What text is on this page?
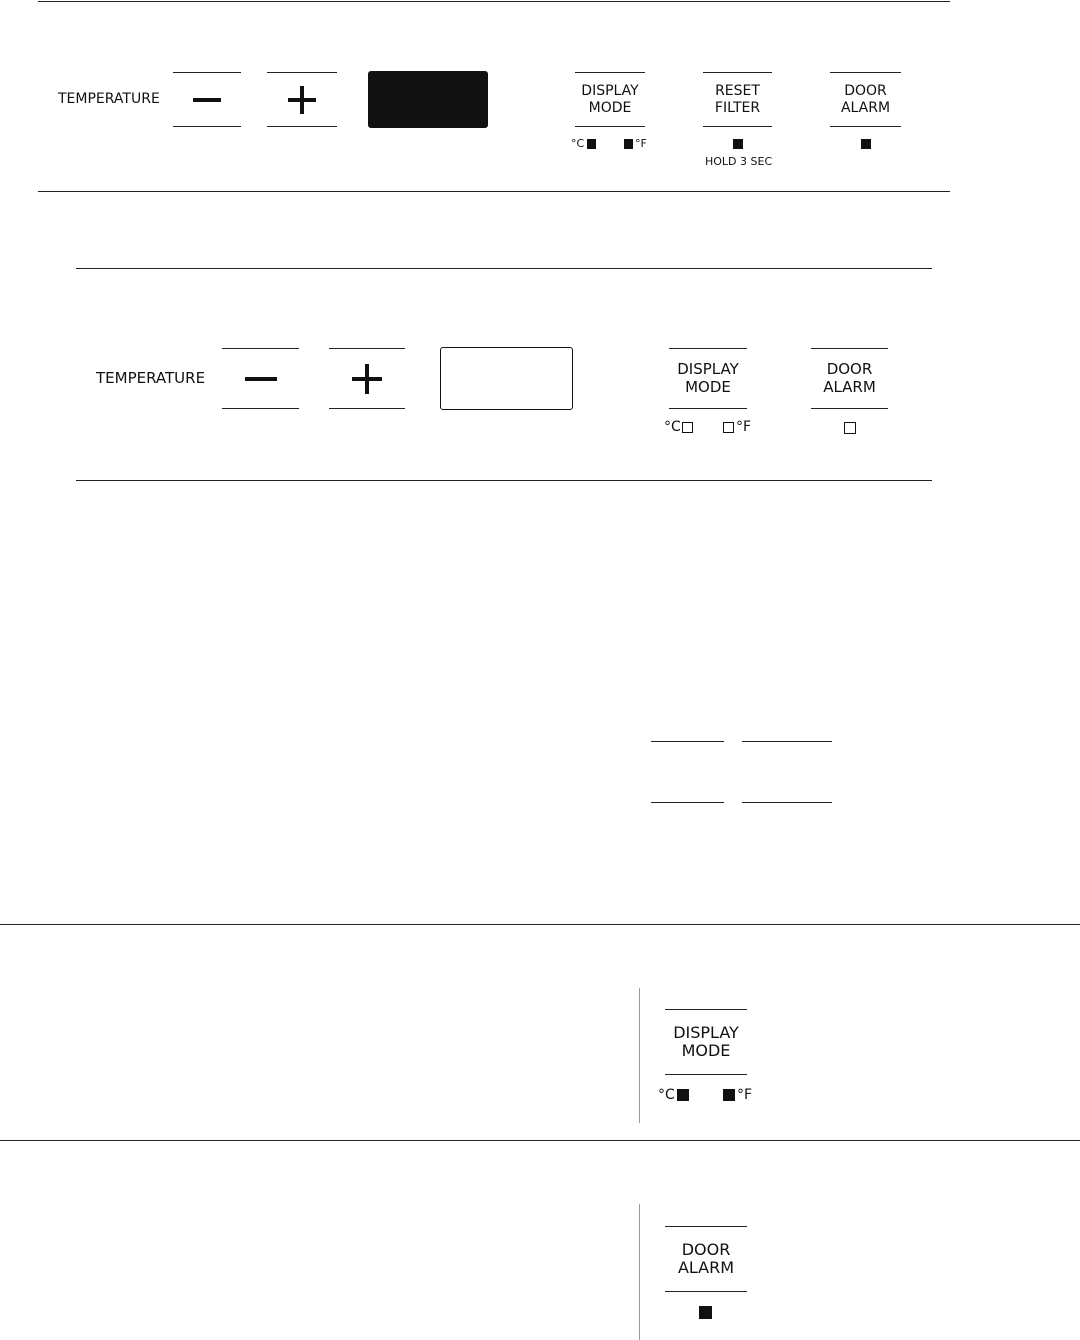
TEMPERATURE	DISPLAY
MODE
°C	°F
RESET
FILTER
HOLD 3 SEC
DOOR
ALARM
TEMPERATURE	DISPLAY
MODE
°C	°F
DOOR
ALARM
DISPLAY
MODE
°C	°F
DOOR
ALARM
